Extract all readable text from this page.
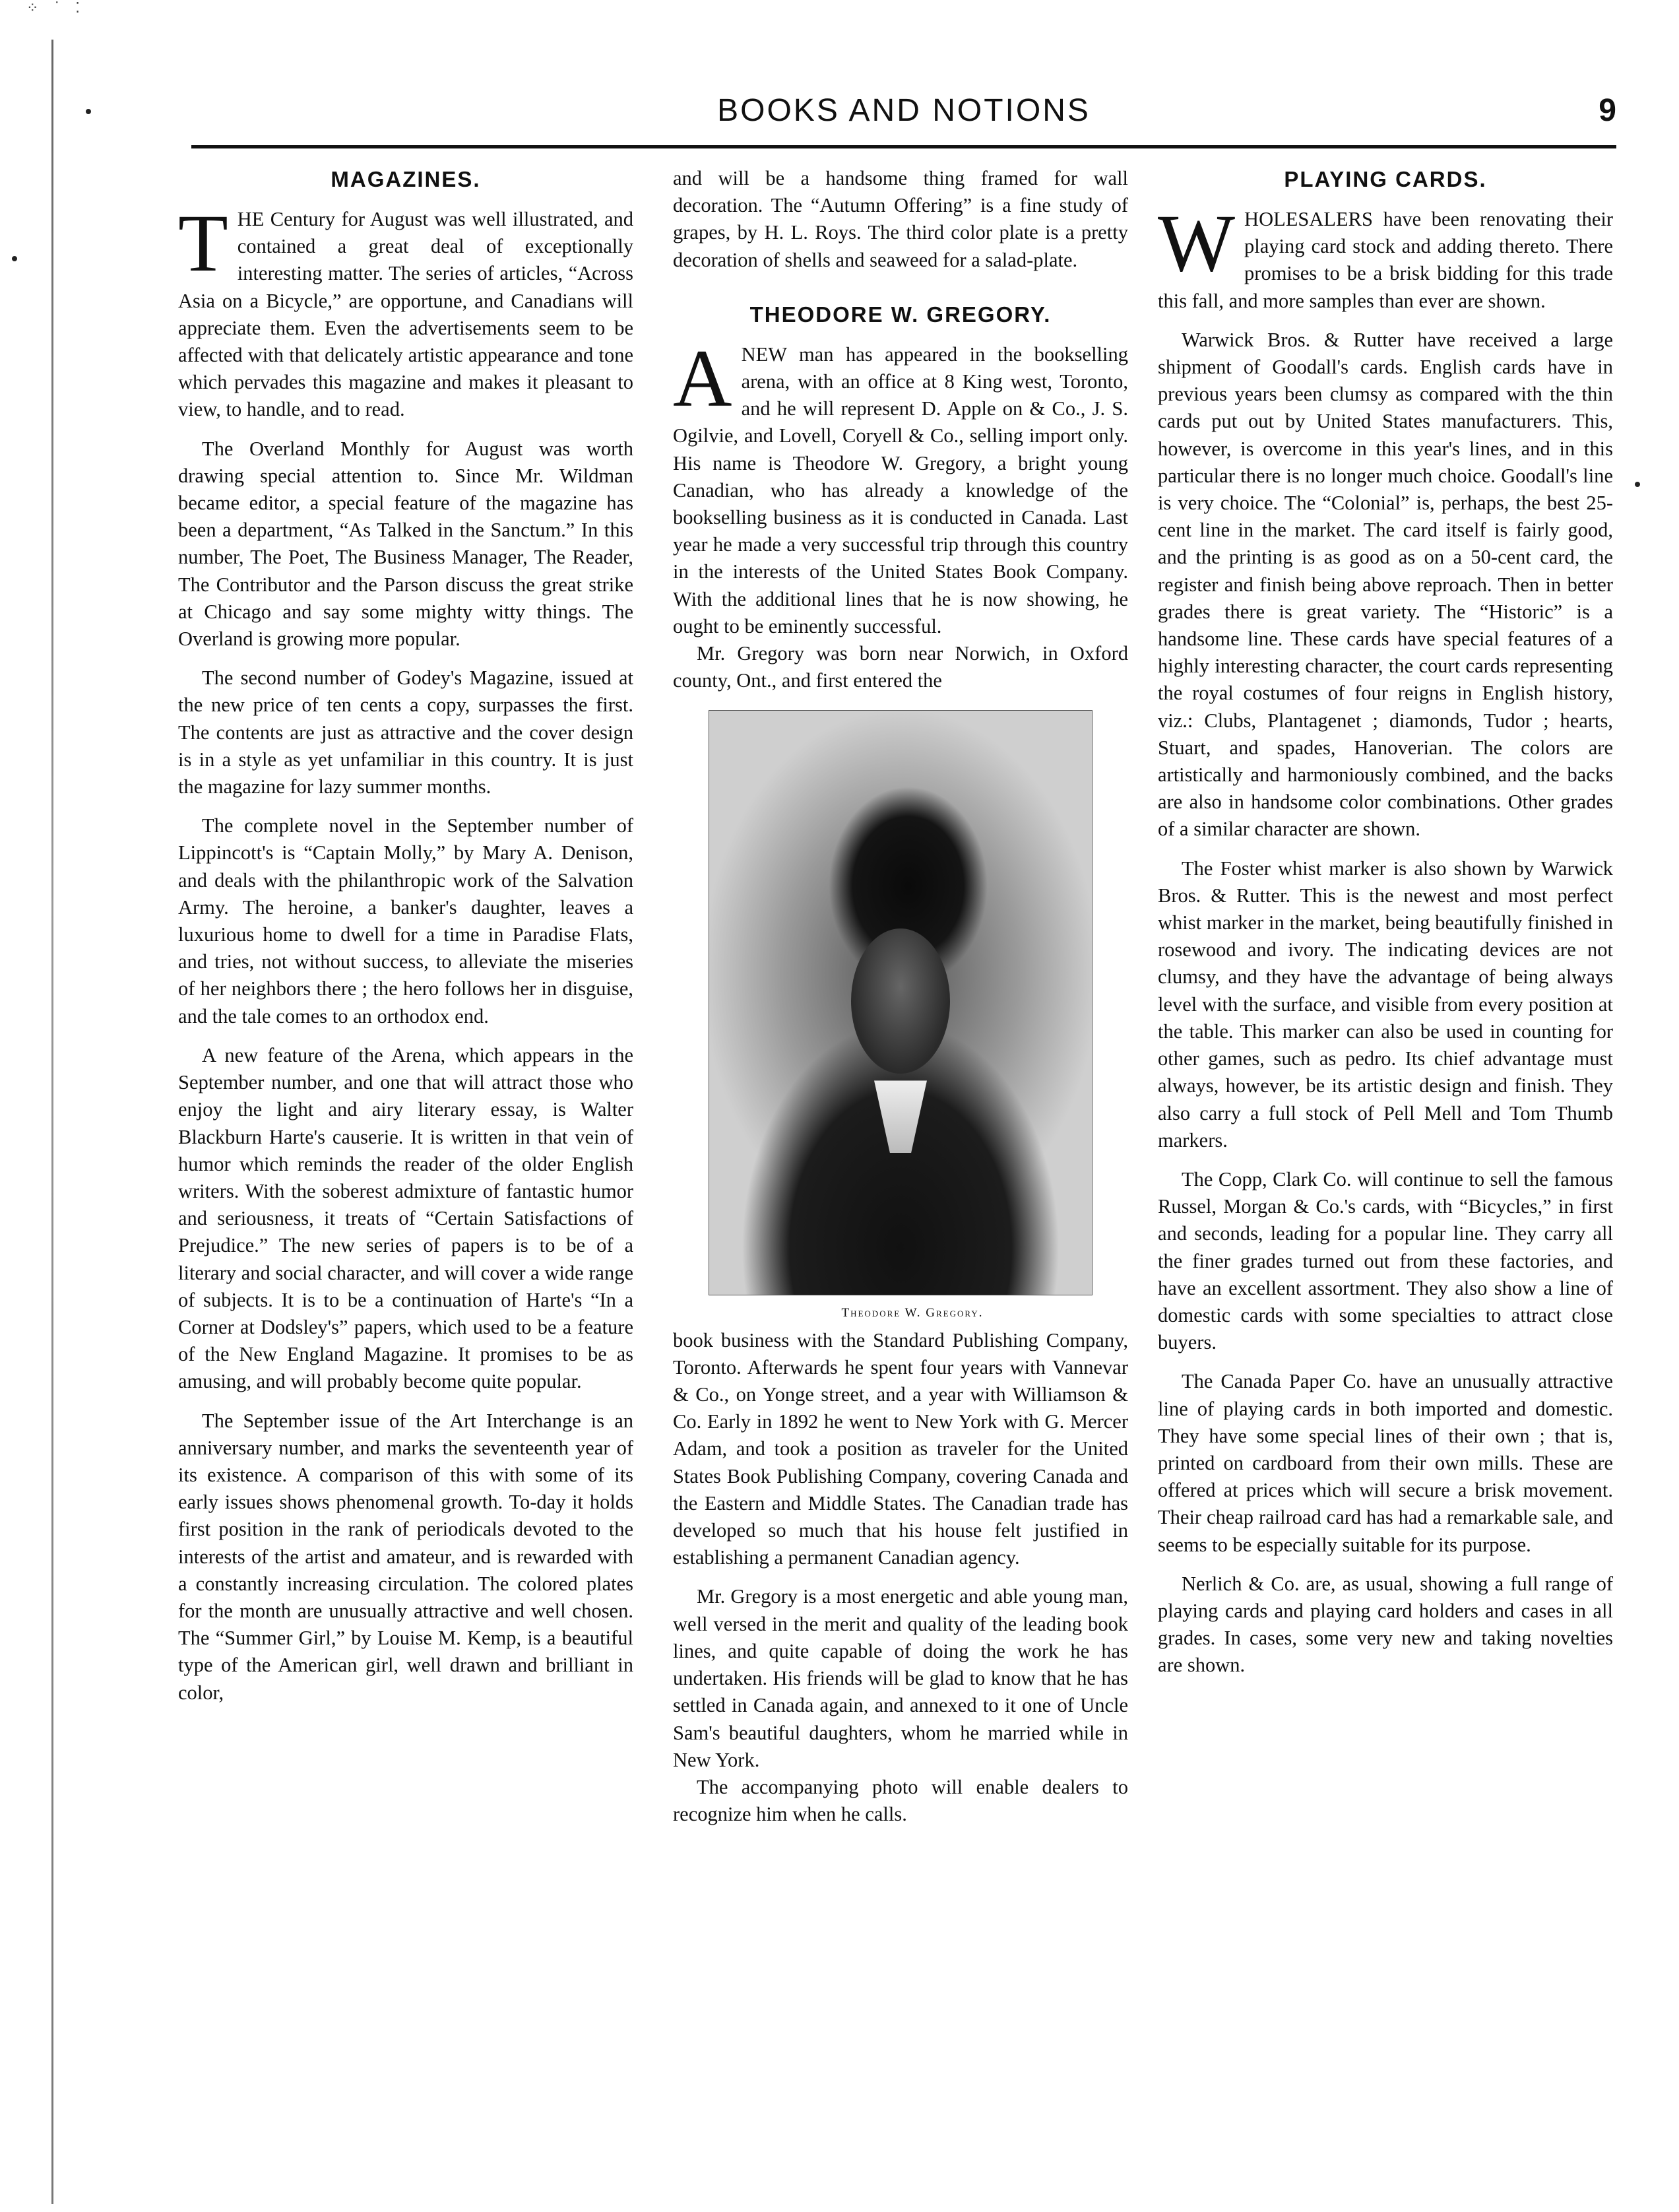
⁘ ˙ ⁚
BOOKS AND NOTIONS	9
MAGAZINES.

THE Century for August was well illustrated, and contained a great deal of exceptionally interesting matter. The series of articles, “Across Asia on a Bicycle,” are opportune, and Canadians will appreciate them. Even the advertisements seem to be affected with that delicately artistic appearance and tone which pervades this magazine and makes it pleasant to view, to handle, and to read.

The Overland Monthly for August was worth drawing special attention to. Since Mr. Wildman became editor, a special feature of the magazine has been a department, “As Talked in the Sanctum.” In this number, The Poet, The Business Manager, The Reader, The Contributor and the Parson discuss the great strike at Chicago and say some mighty witty things. The Overland is growing more popular.

The second number of Godey's Magazine, issued at the new price of ten cents a copy, surpasses the first. The contents are just as attractive and the cover design is in a style as yet unfamiliar in this country. It is just the magazine for lazy summer months.

The complete novel in the September number of Lippincott's is “Captain Molly,” by Mary A. Denison, and deals with the philanthropic work of the Salvation Army. The heroine, a banker's daughter, leaves a luxurious home to dwell for a time in Paradise Flats, and tries, not without success, to alleviate the miseries of her neighbors there ; the hero follows her in disguise, and the tale comes to an orthodox end.

A new feature of the Arena, which appears in the September number, and one that will attract those who enjoy the light and airy literary essay, is Walter Blackburn Harte's causerie. It is written in that vein of humor which reminds the reader of the older English writers. With the soberest admixture of fantastic humor and seriousness, it treats of “Certain Satisfactions of Prejudice.” The new series of papers is to be of a literary and social character, and will cover a wide range of subjects. It is to be a continuation of Harte's “In a Corner at Dodsley's” papers, which used to be a feature of the New England Magazine. It promises to be as amusing, and will probably become quite popular.

The September issue of the Art Interchange is an anniversary number, and marks the seventeenth year of its existence. A comparison of this with some of its early issues shows phenomenal growth. To-day it holds first position in the rank of periodicals devoted to the interests of the artist and amateur, and is rewarded with a constantly increasing circulation. The colored plates for the month are unusually attractive and well chosen. The “Summer Girl,” by Louise M. Kemp, is a beautiful type of the American girl, well drawn and brilliant in color,

and will be a handsome thing framed for wall decoration. The “Autumn Offering” is a fine study of grapes, by H. L. Roys. The third color plate is a pretty decoration of shells and seaweed for a salad-plate.

THEODORE W. GREGORY.

ANEW man has appeared in the bookselling arena, with an office at 8 King west, Toronto, and he will represent D. Apple on & Co., J. S. Ogilvie, and Lovell, Coryell & Co., selling import only. His name is Theodore W. Gregory, a bright young Canadian, who has already a knowledge of the bookselling business as it is conducted in Canada. Last year he made a very successful trip through this country in the interests of the United States Book Company. With the additional lines that he is now showing, he ought to be eminently successful.

Mr. Gregory was born near Norwich, in Oxford county, Ont., and first entered the

Theodore W. Gregory.

book business with the Standard Publishing Company, Toronto. Afterwards he spent four years with Vannevar & Co., on Yonge street, and a year with Williamson & Co. Early in 1892 he went to New York with G. Mercer Adam, and took a position as traveler for the United States Book Publishing Company, covering Canada and the Eastern and Middle States. The Canadian trade has developed so much that his house felt justified in establishing a permanent Canadian agency.

Mr. Gregory is a most energetic and able young man, well versed in the merit and quality of the leading book lines, and quite capable of doing the work he has undertaken. His friends will be glad to know that he has settled in Canada again, and annexed to it one of Uncle Sam's beautiful daughters, whom he married while in New York.

The accompanying photo will enable dealers to recognize him when he calls.

PLAYING CARDS.

WHOLESALERS have been renovating their playing card stock and adding thereto. There promises to be a brisk bidding for this trade this fall, and more samples than ever are shown.

Warwick Bros. & Rutter have received a large shipment of Goodall's cards. English cards have in previous years been clumsy as compared with the thin cards put out by United States manufacturers. This, however, is overcome in this year's lines, and in this particular there is no longer much choice. Goodall's line is very choice. The “Colonial” is, perhaps, the best 25-cent line in the market. The card itself is fairly good, and the printing is as good as on a 50-cent card, the register and finish being above reproach. Then in better grades there is great variety. The “Historic” is a handsome line. These cards have special features of a highly interesting character, the court cards representing the royal costumes of four reigns in English history, viz.: Clubs, Plantagenet ; diamonds, Tudor ; hearts, Stuart, and spades, Hanoverian. The colors are artistically and harmoniously combined, and the backs are also in handsome color combinations. Other grades of a similar character are shown.

The Foster whist marker is also shown by Warwick Bros. & Rutter. This is the newest and most perfect whist marker in the market, being beautifully finished in rosewood and ivory. The indicating devices are not clumsy, and they have the advantage of being always level with the surface, and visible from every position at the table. This marker can also be used in counting for other games, such as pedro. Its chief advantage must always, however, be its artistic design and finish. They also carry a full stock of Pell Mell and Tom Thumb markers.

The Copp, Clark Co. will continue to sell the famous Russel, Morgan & Co.'s cards, with “Bicycles,” in first and seconds, leading for a popular line. They carry all the finer grades turned out from these factories, and have an excellent assortment. They also show a line of domestic cards with some specialties to attract close buyers.

The Canada Paper Co. have an unusually attractive line of playing cards in both imported and domestic. They have some special lines of their own ; that is, printed on cardboard from their own mills. These are offered at prices which will secure a brisk movement. Their cheap railroad card has had a remarkable sale, and seems to be especially suitable for its purpose.

Nerlich & Co. are, as usual, showing a full range of playing cards and playing card holders and cases in all grades. In cases, some very new and taking novelties are shown.
